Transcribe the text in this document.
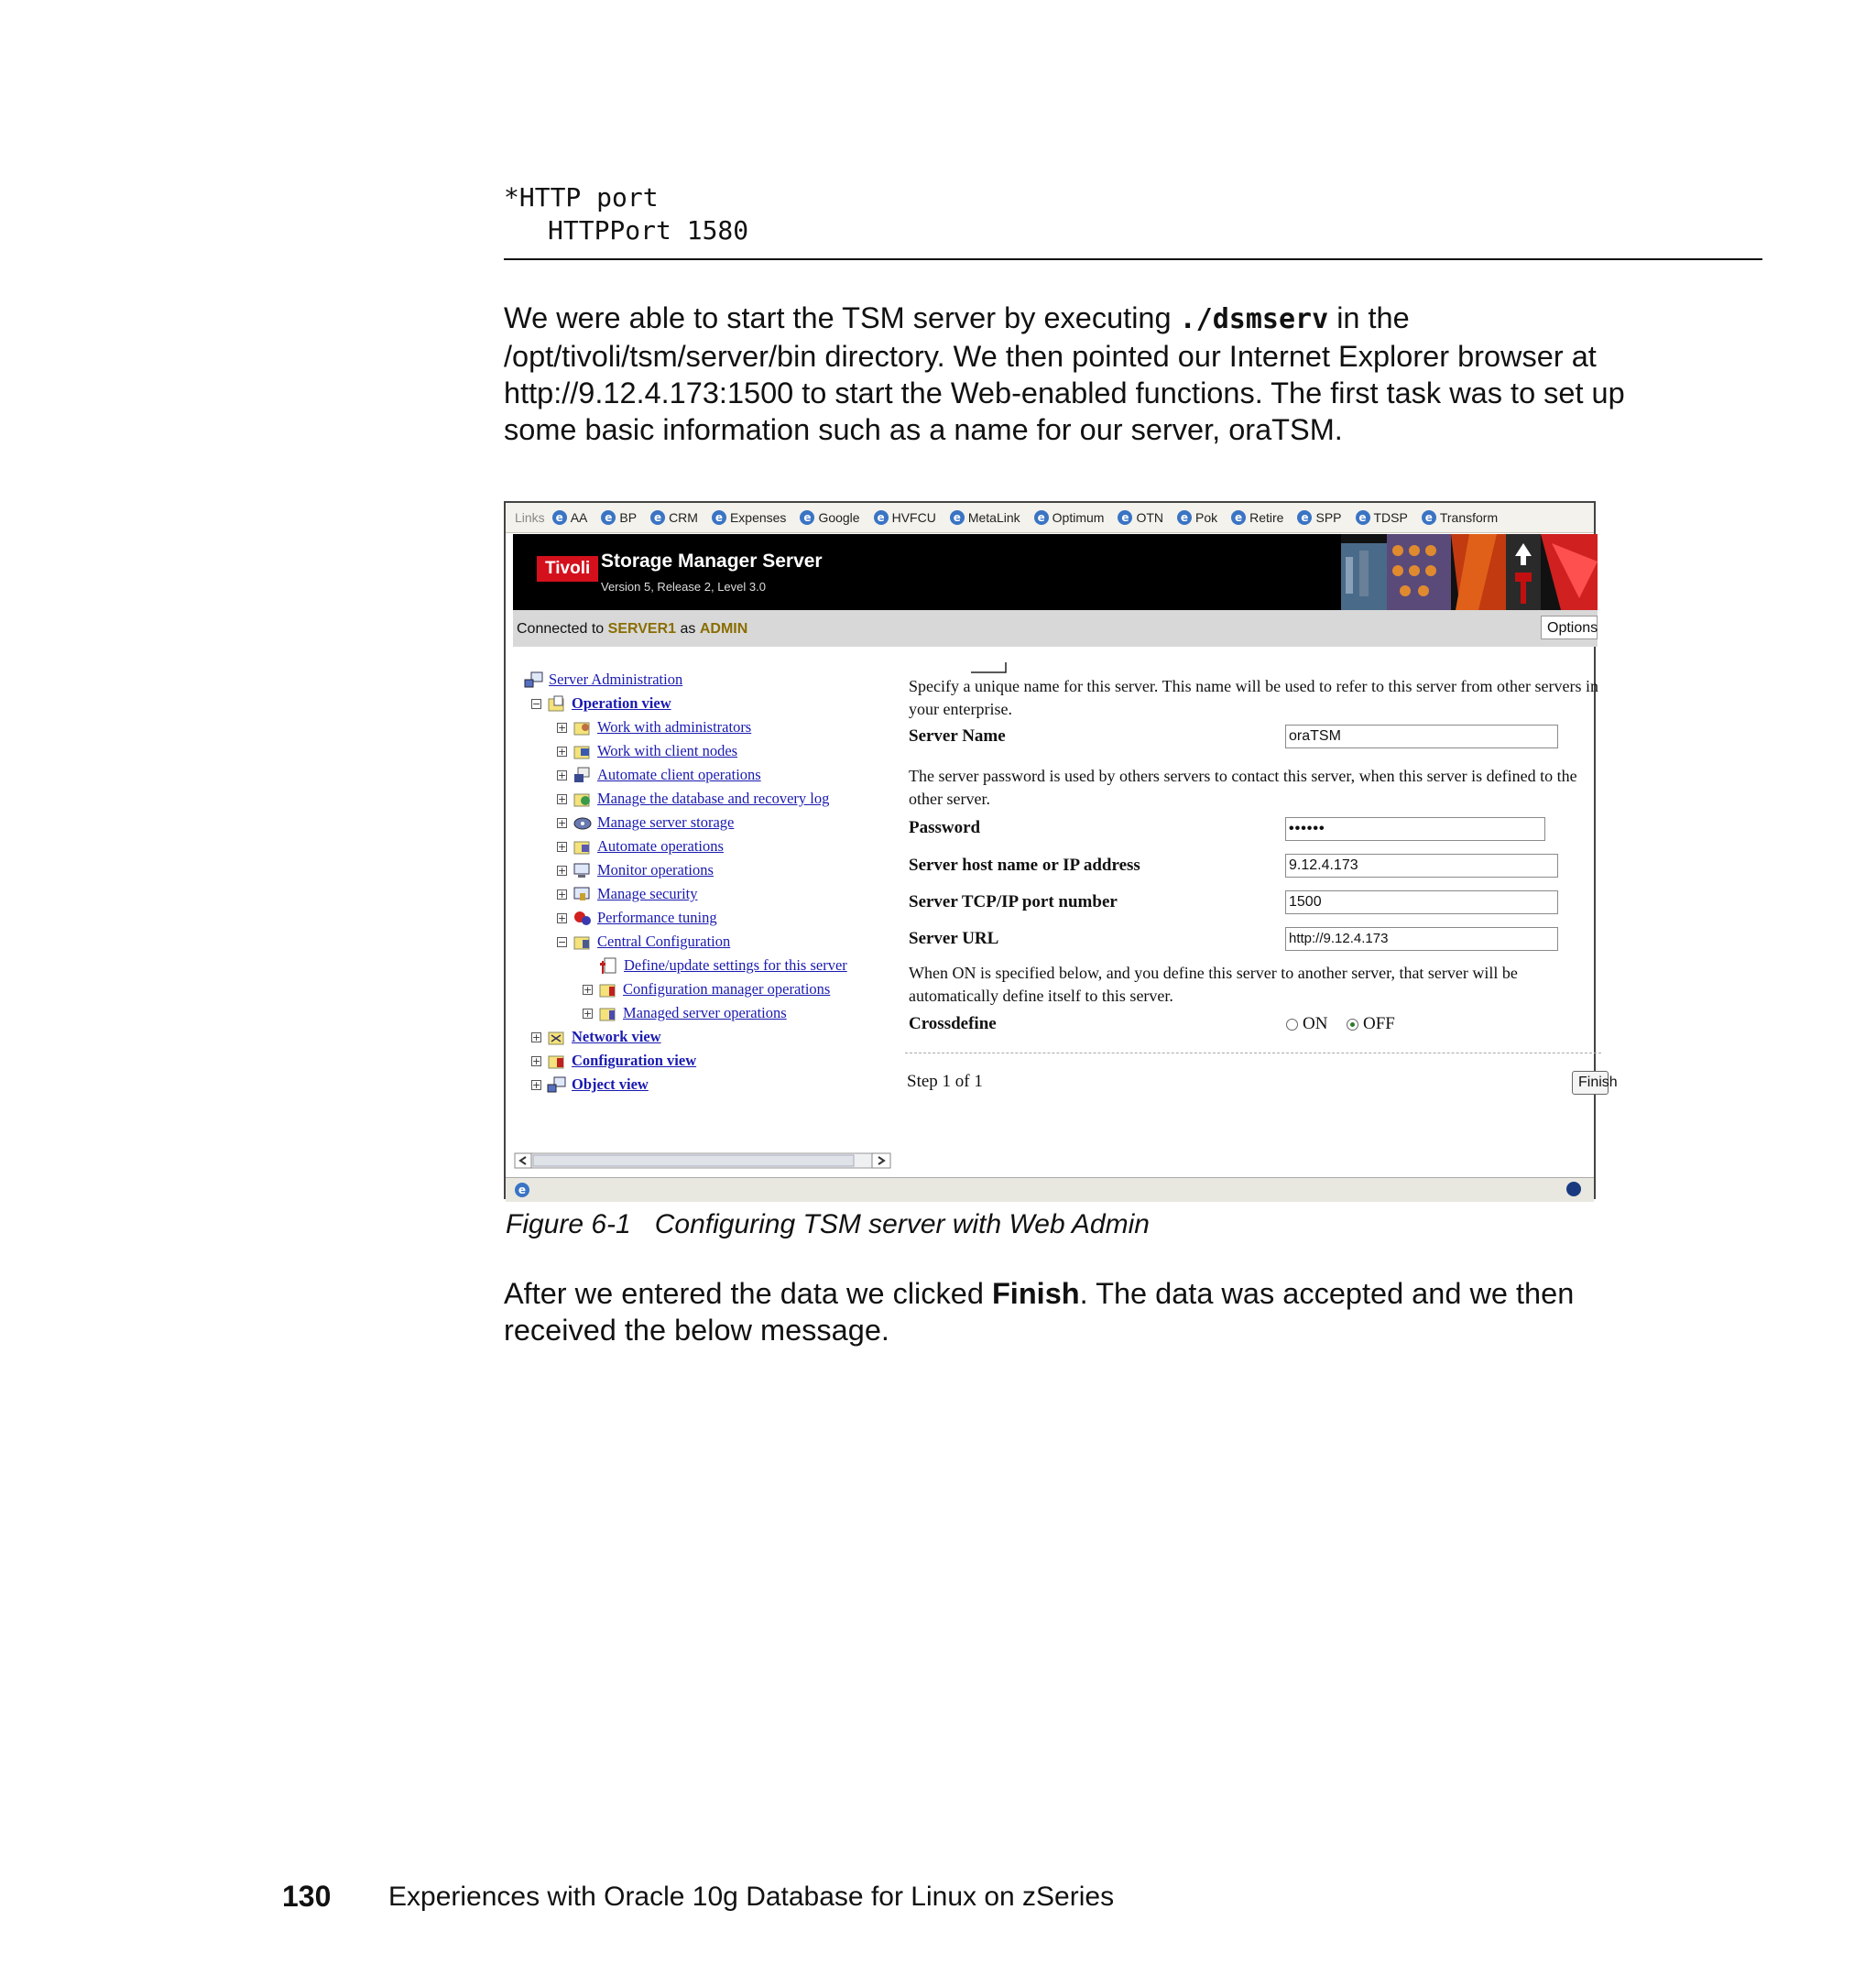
*HTTP port
HTTPPort 1580
We were able to start the TSM server by executing ./dsmserv in the /opt/tivoli/tsm/server/bin directory. We then pointed our Internet Explorer browser at http://9.12.4.173:1500 to start the Web-enabled functions. The first task was to set up some basic information such as a name for our server, oraTSM.
Links e AA	e BP	e CRM	e Expenses	e Google	e HVFCU	e MetaLink	e Optimum	e OTN	e Pok	e Retire	e SPP	e TDSP	e Transform
Tivoli Storage Manager Server
Version 5, Release 2, Level 3.0
Connected to SERVER1 as ADMIN	Options
Server Administration
− Operation view
+ Work with administrators
+ Work with client nodes
+ Automate client operations
+ Manage the database and recovery log
+ Manage server storage
+ Automate operations
+ Monitor operations
+ Manage security
+ Performance tuning
− Central Configuration
Define/update settings for this server
+ Configuration manager operations
+ Managed server operations
+ Network view
+ Configuration view
+ Object view
Specify a unique name for this server. This name will be used to refer to this server from other servers in
your enterprise.
Server Name	oraTSM
The server password is used by others servers to contact this server, when this server is defined to the
other server.
Password	••••••
Server host name or IP address	9.12.4.173
Server TCP/IP port number	1500
Server URL	http://9.12.4.173
When ON is specified below, and you define this server to another server, that server will be
automatically define itself to this server.
Crossdefine	ON OFF
Step 1 of 1	Finish
e
Figure 6-1 Configuring TSM server with Web Admin
After we entered the data we clicked Finish. The data was accepted and we then received the below message.
130 Experiences with Oracle 10g Database for Linux on zSeries
